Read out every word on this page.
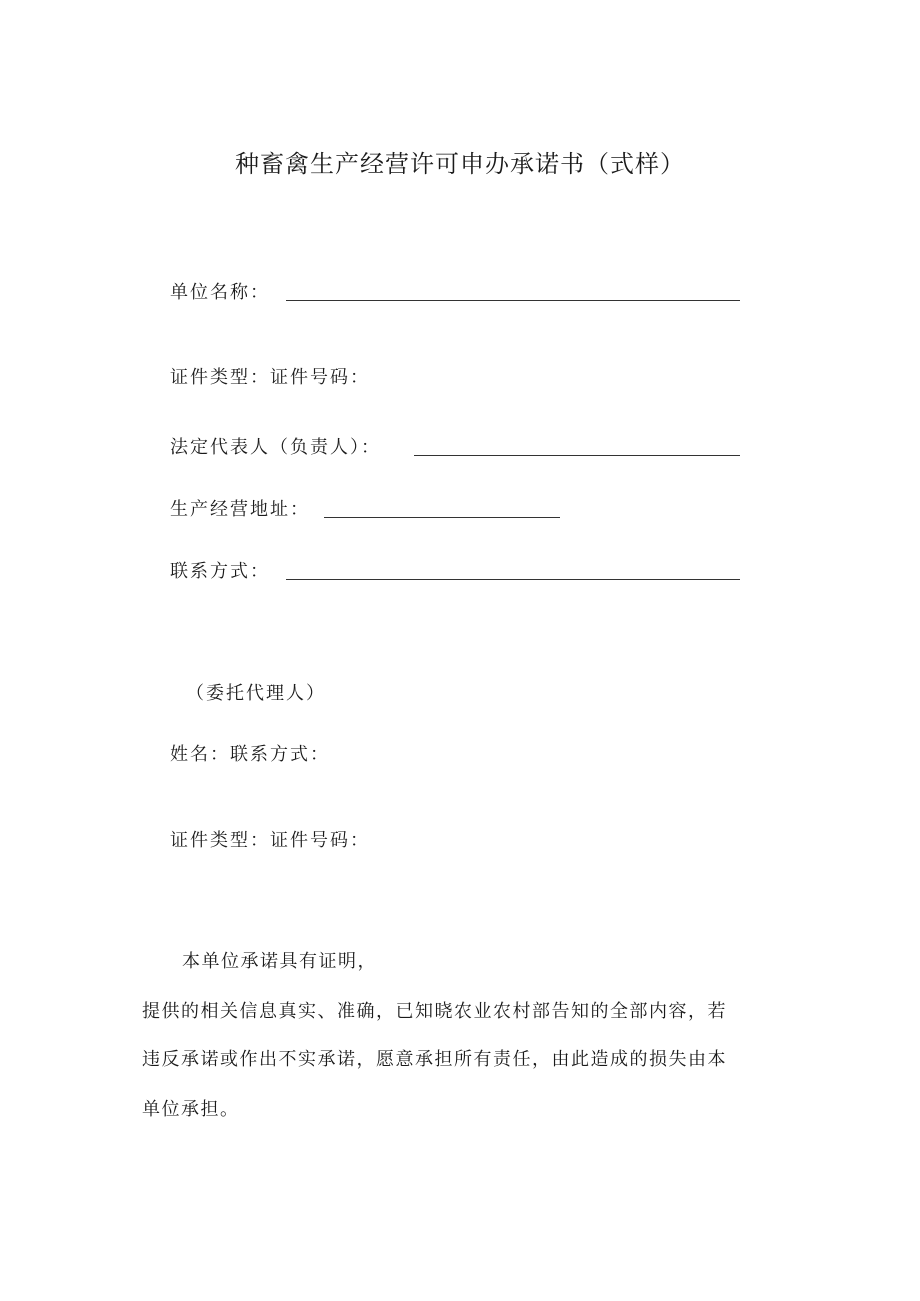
种畜禽生产经营许可申办承诺书（式样）
单位名称：
证件类型：证件号码：
法定代表人（负责人）：
生产经营地址：
联系方式：
（委托代理人）
姓名：联系方式：
证件类型：证件号码：
本单位承诺具有证明，
提供的相关信息真实、准确，已知晓农业农村部告知的全部内容，若
违反承诺或作出不实承诺，愿意承担所有责任，由此造成的损失由本
单位承担。
